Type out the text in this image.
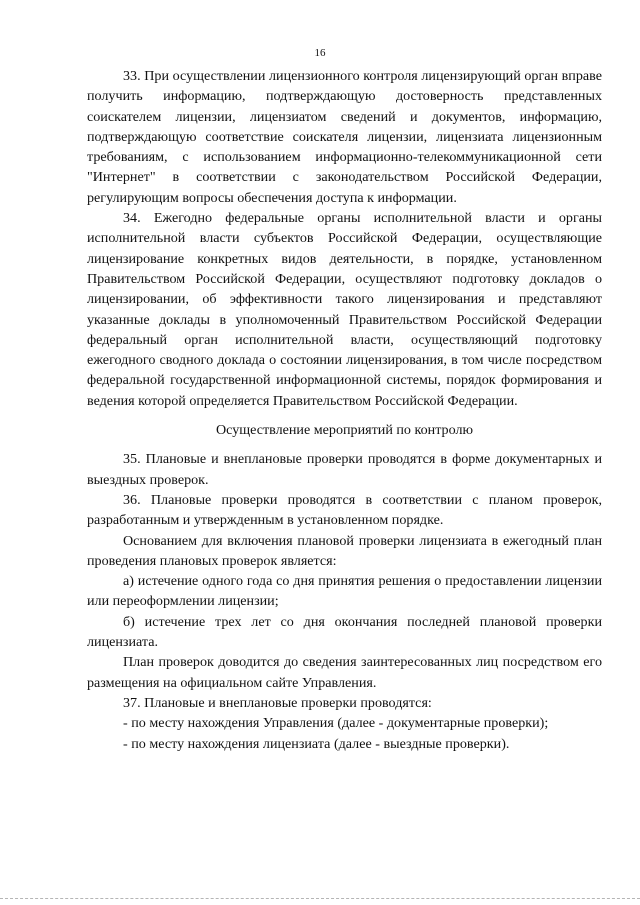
16

33. При осуществлении лицензионного контроля лицензирующий орган вправе получить информацию, подтверждающую достоверность представленных соискателем лицензии, лицензиатом сведений и документов, информацию, подтверждающую соответствие соискателя лицензии, лицензиата лицензионным требованиям, с использованием информационно-телекоммуникационной сети "Интернет" в соответствии с законодательством Российской Федерации, регулирующим вопросы обеспечения доступа к информации.

34. Ежегодно федеральные органы исполнительной власти и органы исполнительной власти субъектов Российской Федерации, осуществляющие лицензирование конкретных видов деятельности, в порядке, установленном Правительством Российской Федерации, осуществляют подготовку докладов о лицензировании, об эффективности такого лицензирования и представляют указанные доклады в уполномоченный Правительством Российской Федерации федеральный орган исполнительной власти, осуществляющий подготовку ежегодного сводного доклада о состоянии лицензирования, в том числе посредством федеральной государственной информационной системы, порядок формирования и ведения которой определяется Правительством Российской Федерации.

Осуществление мероприятий по контролю

35. Плановые и внеплановые проверки проводятся в форме документарных и выездных проверок.

36. Плановые проверки проводятся в соответствии с планом проверок, разработанным и утвержденным в установленном порядке.

Основанием для включения плановой проверки лицензиата в ежегодный план проведения плановых проверок является:

а) истечение одного года со дня принятия решения о предоставлении лицензии или переоформлении лицензии;

б) истечение трех лет со дня окончания последней плановой проверки лицензиата.

План проверок доводится до сведения заинтересованных лиц посредством его размещения на официальном сайте Управления.

37. Плановые и внеплановые проверки проводятся:

- по месту нахождения Управления (далее - документарные проверки);

- по месту нахождения лицензиата (далее - выездные проверки).
